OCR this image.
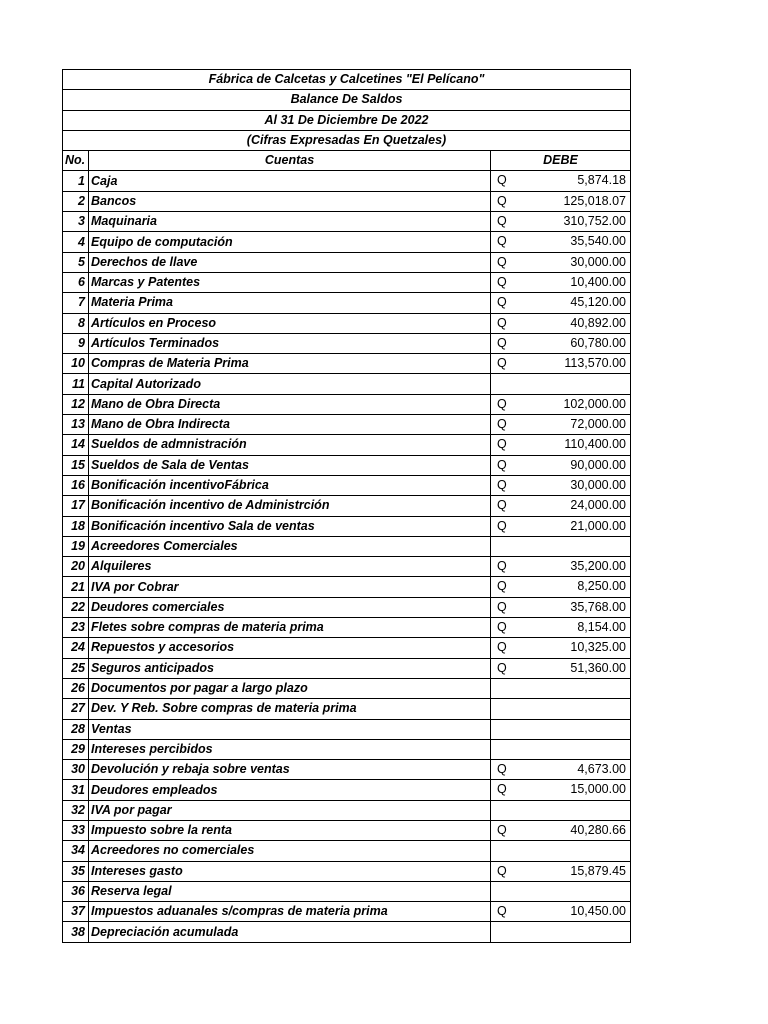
Fábrica de Calcetas y Calcetines "El Pelícano"		
Balance De Saldos		
Al 31 De Diciembre De 2022		
(Cifras Expresadas En Quetzales)		
No.	Cuentas	DEBE
1	Caja	Q 5,874.18

2	Bancos	Q 125,018.07

3	Maquinaria	Q 310,752.00

4	Equipo de computación	Q 35,540.00

5	Derechos de llave	Q 30,000.00

6	Marcas y Patentes	Q 10,400.00

7	Materia Prima	Q 45,120.00

8	Artículos en Proceso	Q 40,892.00

9	Artículos Terminados	Q 60,780.00

10	Compras de Materia Prima	Q 113,570.00

11	Capital Autorizado	
12	Mano de Obra Directa	Q 102,000.00

13	Mano de Obra Indirecta	Q 72,000.00

14	Sueldos de admnistración	Q 110,400.00

15	Sueldos de Sala de Ventas	Q 90,000.00

16	Bonificación incentivoFábrica	Q 30,000.00

17	Bonificación incentivo de Administrción	Q 24,000.00

18	Bonificación incentivo Sala de ventas	Q 21,000.00

19	Acreedores Comerciales	
20	Alquileres	Q 35,200.00

21	IVA por Cobrar	Q 8,250.00

22	Deudores comerciales	Q 35,768.00

23	Fletes sobre compras de materia prima	Q 8,154.00

24	Repuestos y accesorios	Q 10,325.00

25	Seguros anticipados	Q 51,360.00

26	Documentos por pagar a largo plazo	
27	Dev. Y Reb. Sobre compras de materia prima	
28	Ventas	
29	Intereses percibidos	
30	Devolución y rebaja sobre ventas	Q 4,673.00

31	Deudores empleados	Q 15,000.00

32	IVA por pagar	
33	Impuesto sobre la renta	Q 40,280.66

34	Acreedores no comerciales	
35	Intereses gasto	Q 15,879.45

36	Reserva legal	
37	Impuestos aduanales s/compras de materia prima	Q 10,450.00

38	Depreciación acumulada	
